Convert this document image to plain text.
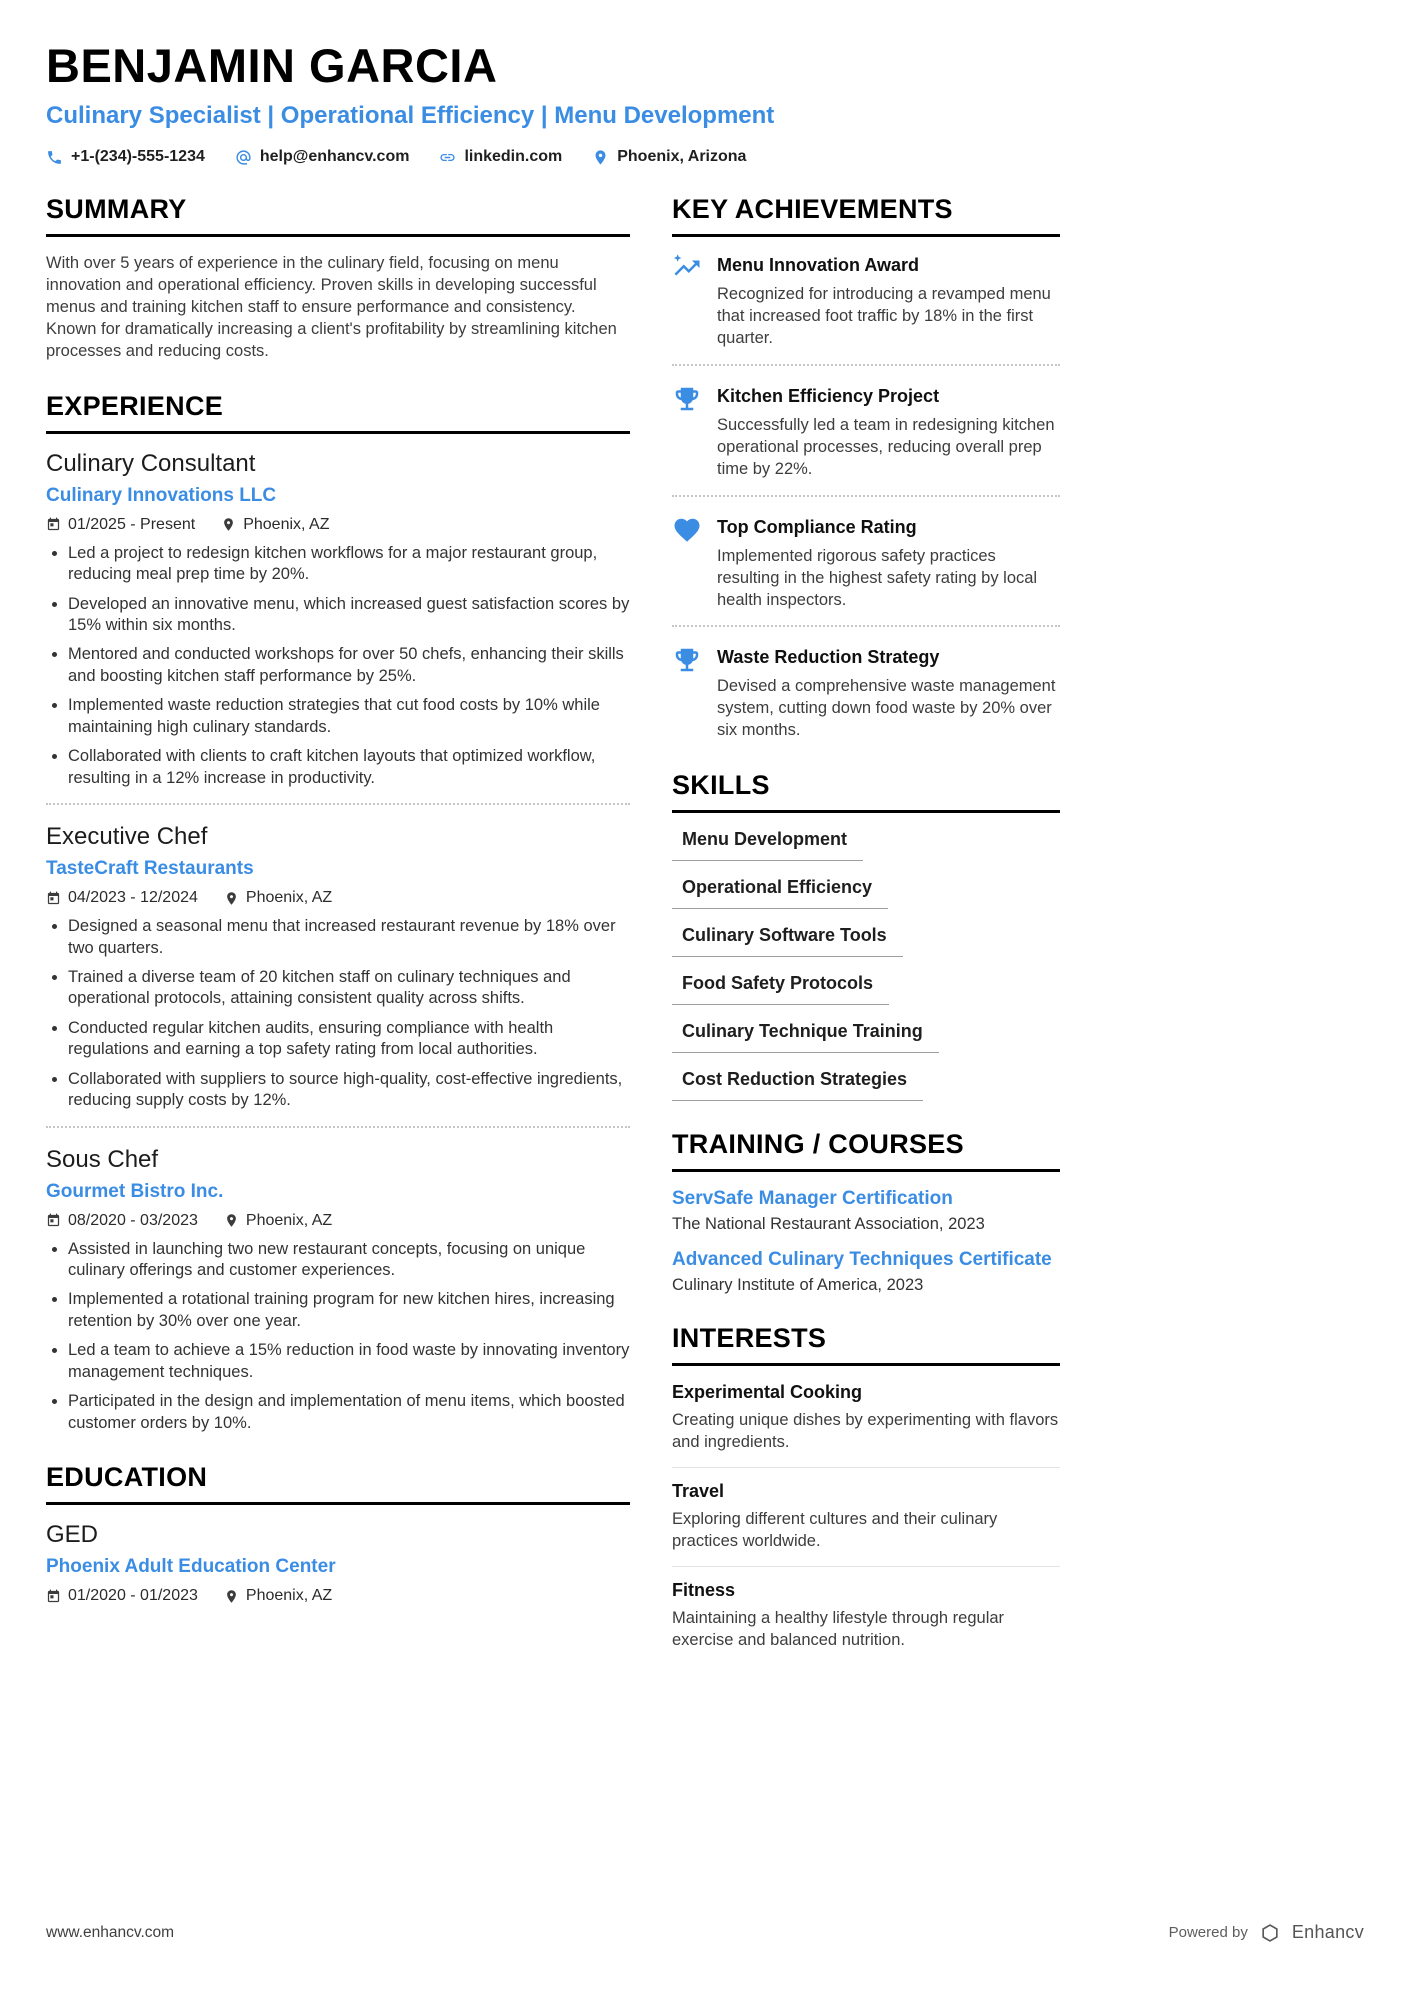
BENJAMIN GARCIA
Culinary Specialist | Operational Efficiency | Menu Development
+1-(234)-555-1234	help@enhancv.com	linkedin.com	Phoenix, Arizona
SUMMARY

With over 5 years of experience in the culinary field, focusing on menu innovation and operational efficiency. Proven skills in developing successful menus and training kitchen staff to ensure performance and consistency. Known for dramatically increasing a client's profitability by streamlining kitchen processes and reducing costs.

EXPERIENCE
Culinary Consultant
Culinary Innovations LLC
01/2025 - Present	Phoenix, AZ
Led a project to redesign kitchen workflows for a major restaurant group, reducing meal prep time by 20%.
Developed an innovative menu, which increased guest satisfaction scores by 15% within six months.
Mentored and conducted workshops for over 50 chefs, enhancing their skills and boosting kitchen staff performance by 25%.
Implemented waste reduction strategies that cut food costs by 10% while maintaining high culinary standards.
Collaborated with clients to craft kitchen layouts that optimized workflow, resulting in a 12% increase in productivity.
Executive Chef
TasteCraft Restaurants
04/2023 - 12/2024	Phoenix, AZ
Designed a seasonal menu that increased restaurant revenue by 18% over two quarters.
Trained a diverse team of 20 kitchen staff on culinary techniques and operational protocols, attaining consistent quality across shifts.
Conducted regular kitchen audits, ensuring compliance with health regulations and earning a top safety rating from local authorities.
Collaborated with suppliers to source high-quality, cost-effective ingredients, reducing supply costs by 12%.
Sous Chef
Gourmet Bistro Inc.
08/2020 - 03/2023	Phoenix, AZ
Assisted in launching two new restaurant concepts, focusing on unique culinary offerings and customer experiences.
Implemented a rotational training program for new kitchen hires, increasing retention by 30% over one year.
Led a team to achieve a 15% reduction in food waste by innovating inventory management techniques.
Participated in the design and implementation of menu items, which boosted customer orders by 10%.
EDUCATION
GED
Phoenix Adult Education Center
01/2020 - 01/2023	Phoenix, AZ
KEY ACHIEVEMENTS
Menu Innovation Award

Recognized for introducing a revamped menu that increased foot traffic by 18% in the first quarter.

Kitchen Efficiency Project

Successfully led a team in redesigning kitchen operational processes, reducing overall prep time by 22%.

Top Compliance Rating

Implemented rigorous safety practices resulting in the highest safety rating by local health inspectors.

Waste Reduction Strategy

Devised a comprehensive waste management system, cutting down food waste by 20% over six months.

SKILLS
Menu Development
Operational Efficiency
Culinary Software Tools
Food Safety Protocols
Culinary Technique Training
Cost Reduction Strategies
TRAINING / COURSES
ServSafe Manager Certification
The National Restaurant Association, 2023
Advanced Culinary Techniques Certificate
Culinary Institute of America, 2023
INTERESTS
Experimental Cooking

Creating unique dishes by experimenting with flavors and ingredients.

Travel

Exploring different cultures and their culinary practices worldwide.

Fitness

Maintaining a healthy lifestyle through regular exercise and balanced nutrition.

www.enhancv.com	Powered by Enhancv
